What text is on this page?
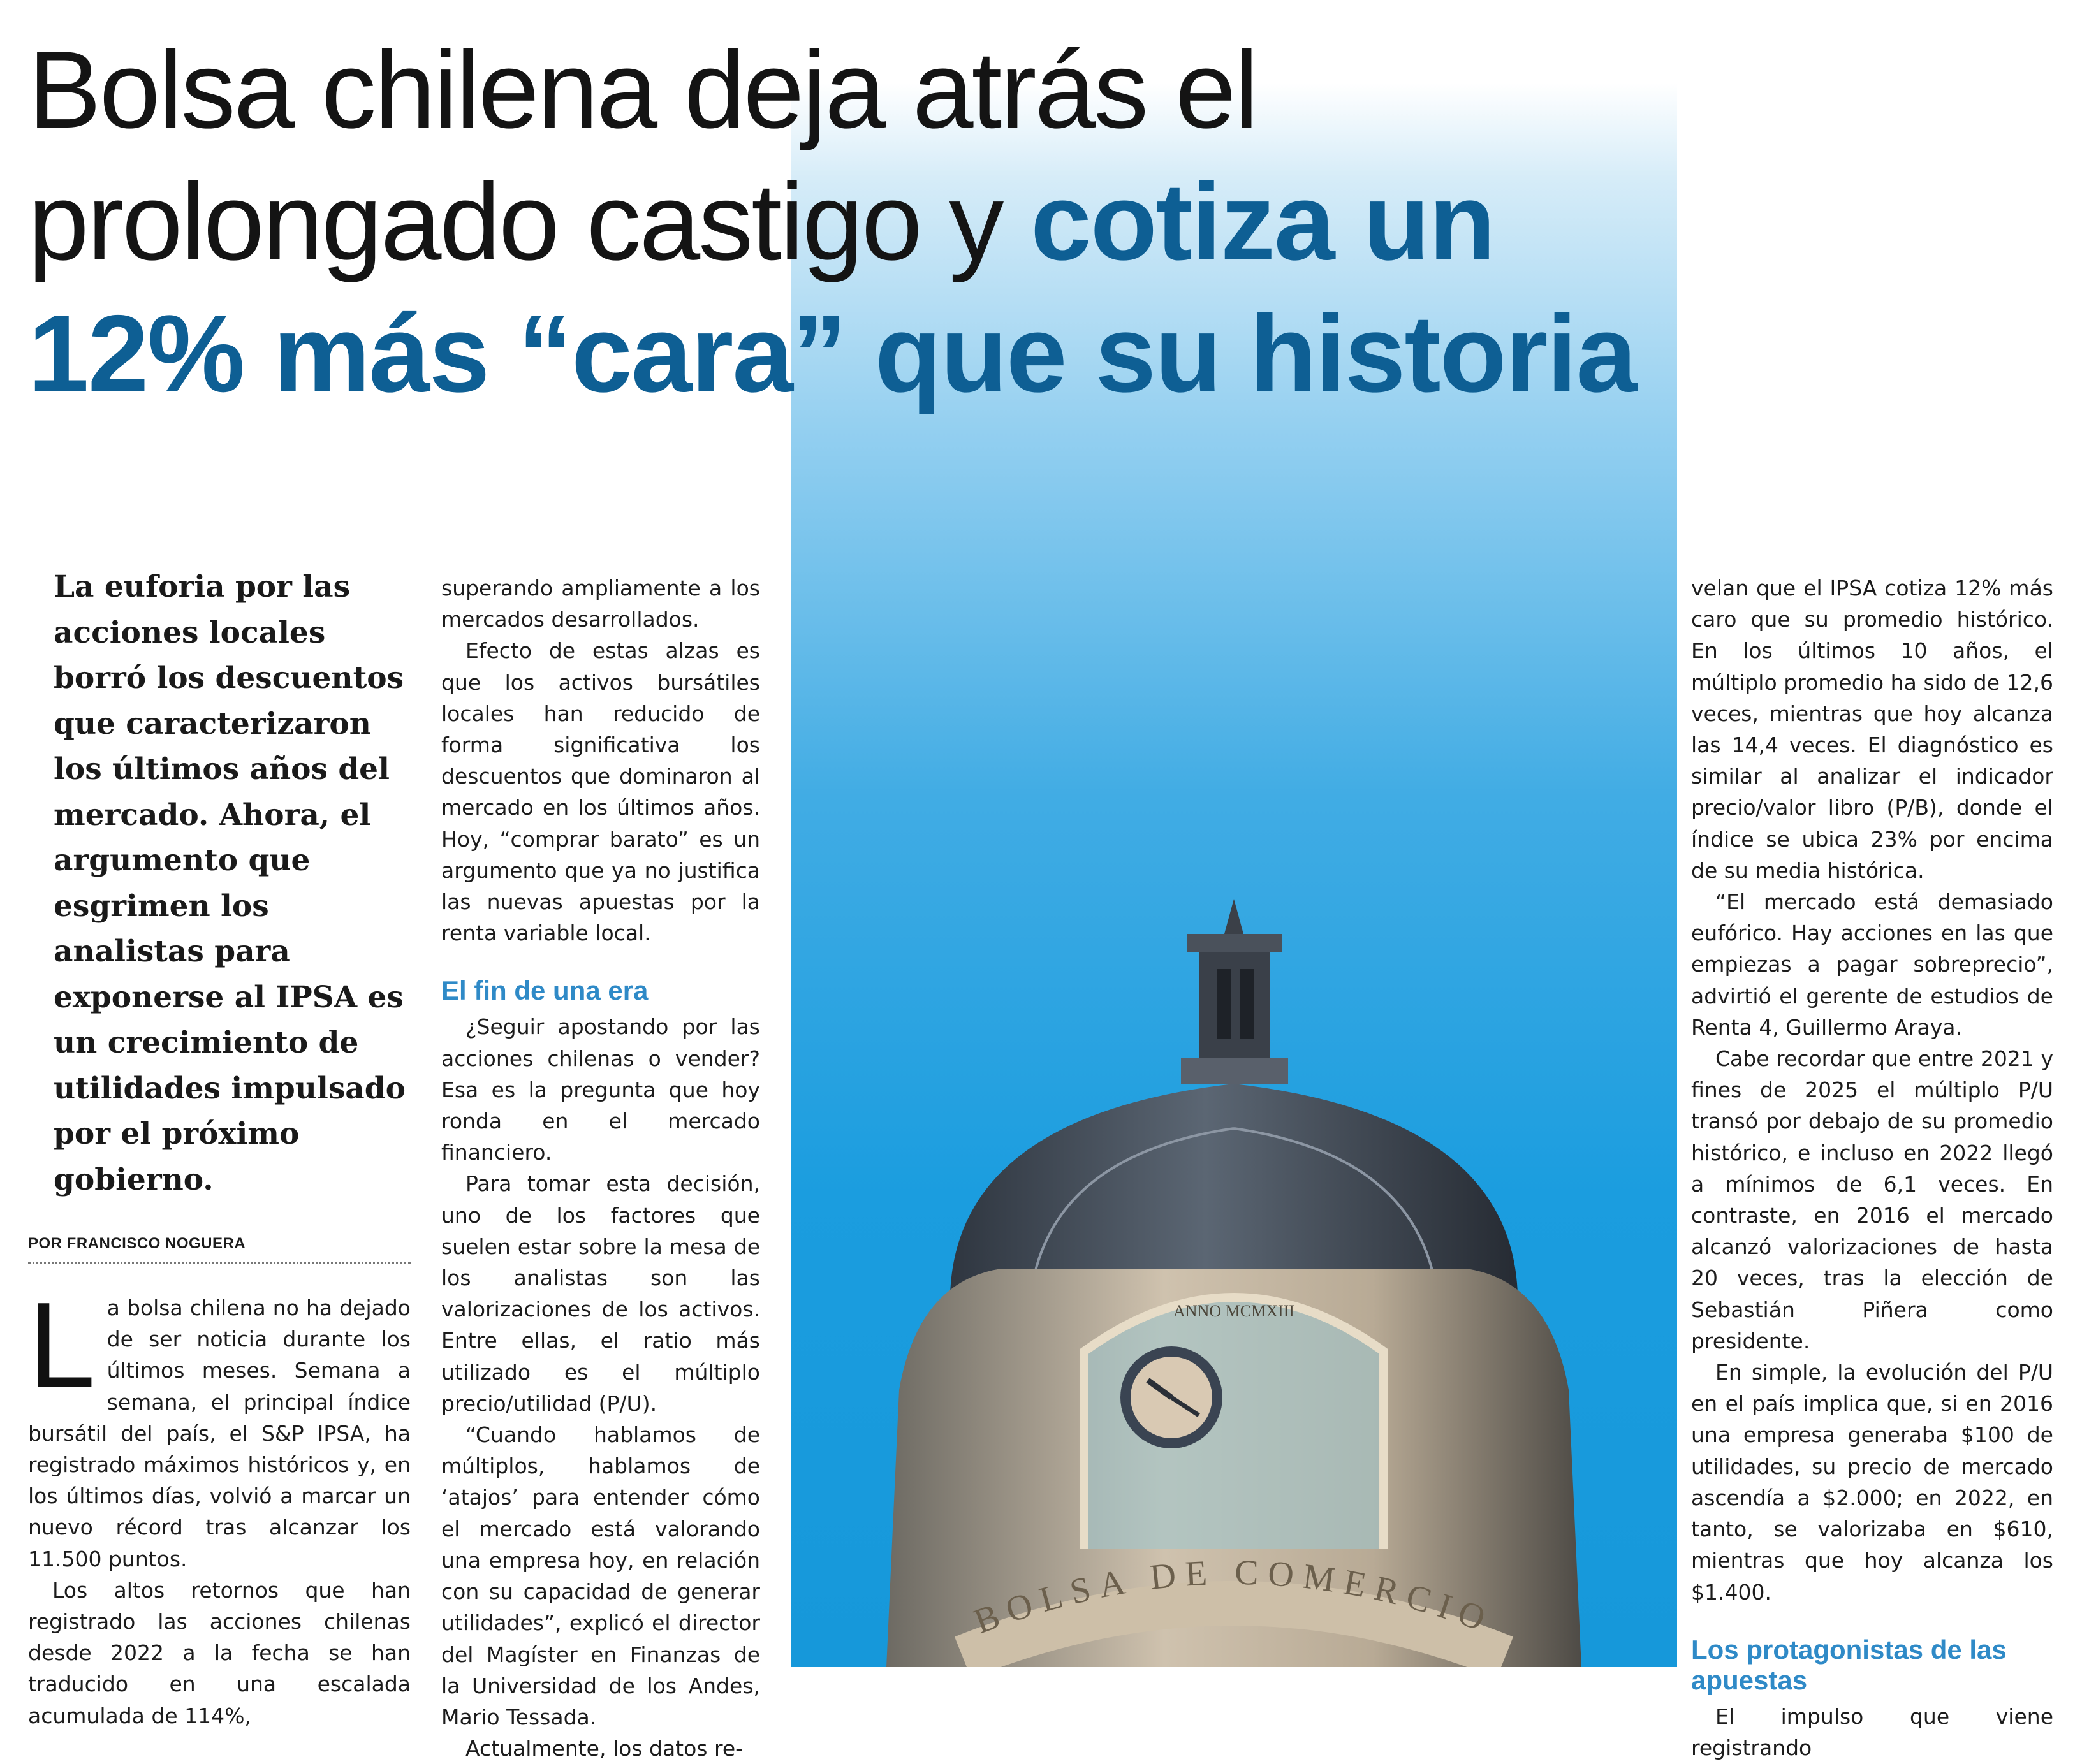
ANNO MCMXIII
BOLSA DE COMERCIO
Bolsa chilena deja atrás el prolongado castigo y cotiza un 12% más “cara” que su historia

La euforia por las acciones locales borró los descuentos que caracterizaron los últimos años del mercado. Ahora, el argumento que esgrimen los analistas para exponerse al IPSA es un crecimiento de utilidades impulsado por el próximo gobierno.

POR FRANCISCO NOGUERA

La bolsa chilena no ha dejado de ser noticia durante los últimos meses. Semana a semana, el principal índice bursátil del país, el S&P IPSA, ha registrado máximos históricos y, en los últimos días, volvió a marcar un nuevo récord tras alcanzar los 11.500 puntos.

Los altos retornos que han registrado las acciones chilenas desde 2022 a la fecha se han traducido en una escalada acumulada de 114%,

superando ampliamente a los mercados desarrollados.

Efecto de estas alzas es que los activos bursátiles locales han reducido de forma significativa los descuentos que dominaron al mercado en los últimos años. Hoy, “comprar barato” es un argumento que ya no justifica las nuevas apuestas por la renta variable local.

El fin de una era

¿Seguir apostando por las acciones chilenas o vender? Esa es la pregunta que hoy ronda en el mercado financiero.

Para tomar esta decisión, uno de los factores que suelen estar sobre la mesa de los analistas son las valorizaciones de los activos. Entre ellas, el ratio más utilizado es el múltiplo precio/utilidad (P/U).

“Cuando hablamos de múltiplos, hablamos de ‘atajos’ para entender cómo el mercado está valorando una empresa hoy, en relación con su capacidad de generar utilidades”, explicó el director del Magíster en Finanzas de la Universidad de los Andes, Mario Tessada.

Actualmente, los datos re-

velan que el IPSA cotiza 12% más caro que su promedio histórico. En los últimos 10 años, el múltiplo promedio ha sido de 12,6 veces, mientras que hoy alcanza las 14,4 veces. El diagnóstico es similar al analizar el indicador precio/valor libro (P/B), donde el índice se ubica 23% por encima de su media histórica.

“El mercado está demasiado eufórico. Hay acciones en las que empiezas a pagar sobreprecio”, advirtió el gerente de estudios de Renta 4, Guillermo Araya.

Cabe recordar que entre 2021 y fines de 2025 el múltiplo P/U transó por debajo de su promedio histórico, e incluso en 2022 llegó a mínimos de 6,1 veces. En contraste, en 2016 el mercado alcanzó valorizaciones de hasta 20 veces, tras la elección de Sebastián Piñera como presidente.

En simple, la evolución del P/U en el país implica que, si en 2016 una empresa generaba $100 de utilidades, su precio de mercado ascendía a $2.000; en 2022, en tanto, se valorizaba en $610, mientras que hoy alcanza los $1.400.

Los protagonistas de las apuestas

El impulso que viene registrando
